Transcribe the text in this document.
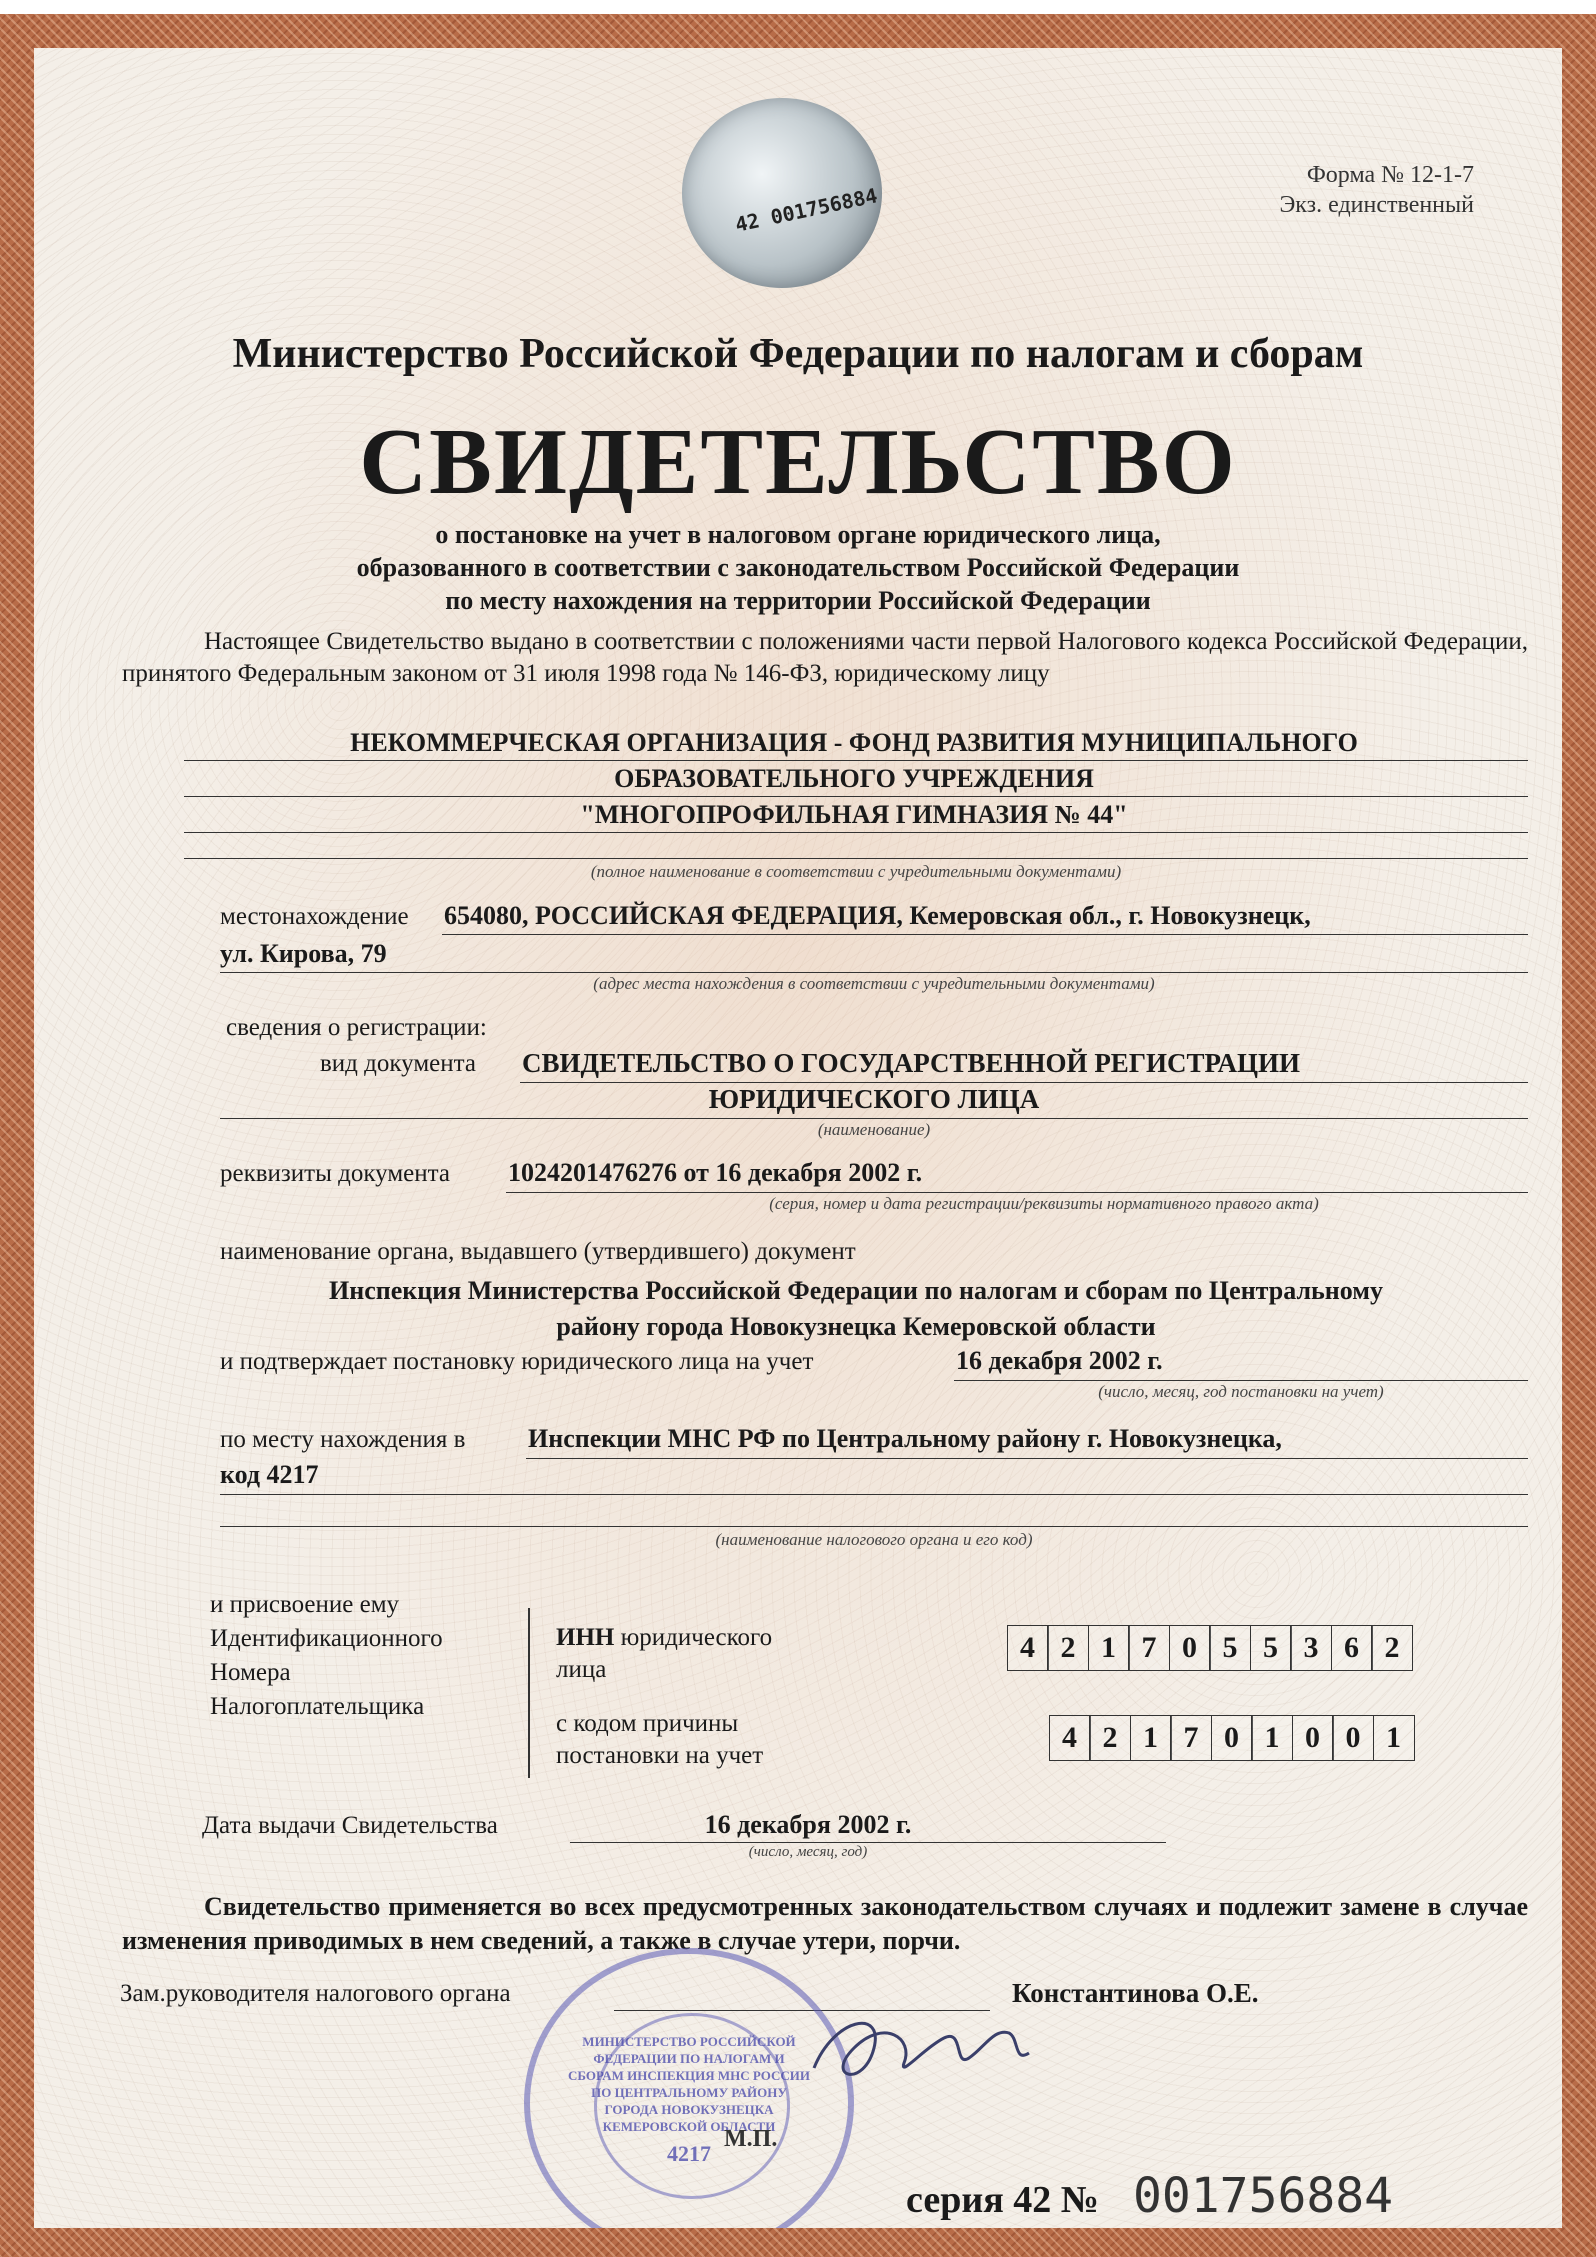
42 001756884
Форма № 12-1-7
Экз. единственный
Министерство Российской Федерации по налогам и сборам
СВИДЕТЕЛЬСТВО
о постановке на учет в налоговом органе юридического лица,
образованного в соответствии с законодательством Российской Федерации
по месту нахождения на территории Российской Федерации
Настоящее Свидетельство выдано в соответствии с положениями части первой Налогового кодекса Российской Федерации, принятого Федеральным законом от 31 июля 1998 года № 146-ФЗ, юридическому лицу
НЕКОММЕРЧЕСКАЯ ОРГАНИЗАЦИЯ - ФОНД РАЗВИТИЯ МУНИЦИПАЛЬНОГО
ОБРАЗОВАТЕЛЬНОГО УЧРЕЖДЕНИЯ
"МНОГОПРОФИЛЬНАЯ ГИМНАЗИЯ № 44"
(полное наименование в соответствии с учредительными документами)
местонахождение 654080, РОССИЙСКАЯ ФЕДЕРАЦИЯ, Кемеровская обл., г. Новокузнецк,
ул. Кирова, 79
(адрес места нахождения в соответствии с учредительными документами)
сведения о регистрации:
вид документа СВИДЕТЕЛЬСТВО О ГОСУДАРСТВЕННОЙ РЕГИСТРАЦИИ
ЮРИДИЧЕСКОГО ЛИЦА
(наименование)
реквизиты документа 1024201476276 от 16 декабря 2002 г.
(серия, номер и дата регистрации/реквизиты нормативного правого акта)
наименование органа, выдавшего (утвердившего) документ
Инспекция Министерства Российской Федерации по налогам и сборам по Центральному
району города Новокузнецка Кемеровской области
и подтверждает постановку юридического лица на учет	16 декабря 2002 г.
(число, месяц, год постановки на учет)
по месту нахождения в Инспекции МНС РФ по Центральному району г. Новокузнецка,
код 4217
(наименование налогового органа и его код)
и присвоение ему
Идентификационного
Номера
Налогоплательщика
ИНН юридического
лица
4 2 1 7 0 5 5 3 6 2
с кодом причины
постановки на учет
4 2 1 7 0 1 0 0 1
Дата выдачи Свидетельства	16 декабря 2002 г.
(число, месяц, год)
Свидетельство применяется во всех предусмотренных законодательством случаях и подлежит замене в случае изменения приводимых в нем сведений, а также в случае утери, порчи.
Зам.руководителя налогового органа	Константинова О.Е.
МИНИСТЕРСТВО РОССИЙСКОЙ ФЕДЕРАЦИИ ПО НАЛОГАМ И СБОРАМ ИНСПЕКЦИЯ МНС РОССИИ ПО ЦЕНТРАЛЬНОМУ РАЙОНУ ГОРОДА НОВОКУЗНЕЦКА КЕМЕРОВСКОЙ ОБЛАСТИ
4217
М.П.
серия 42 № 001756884
